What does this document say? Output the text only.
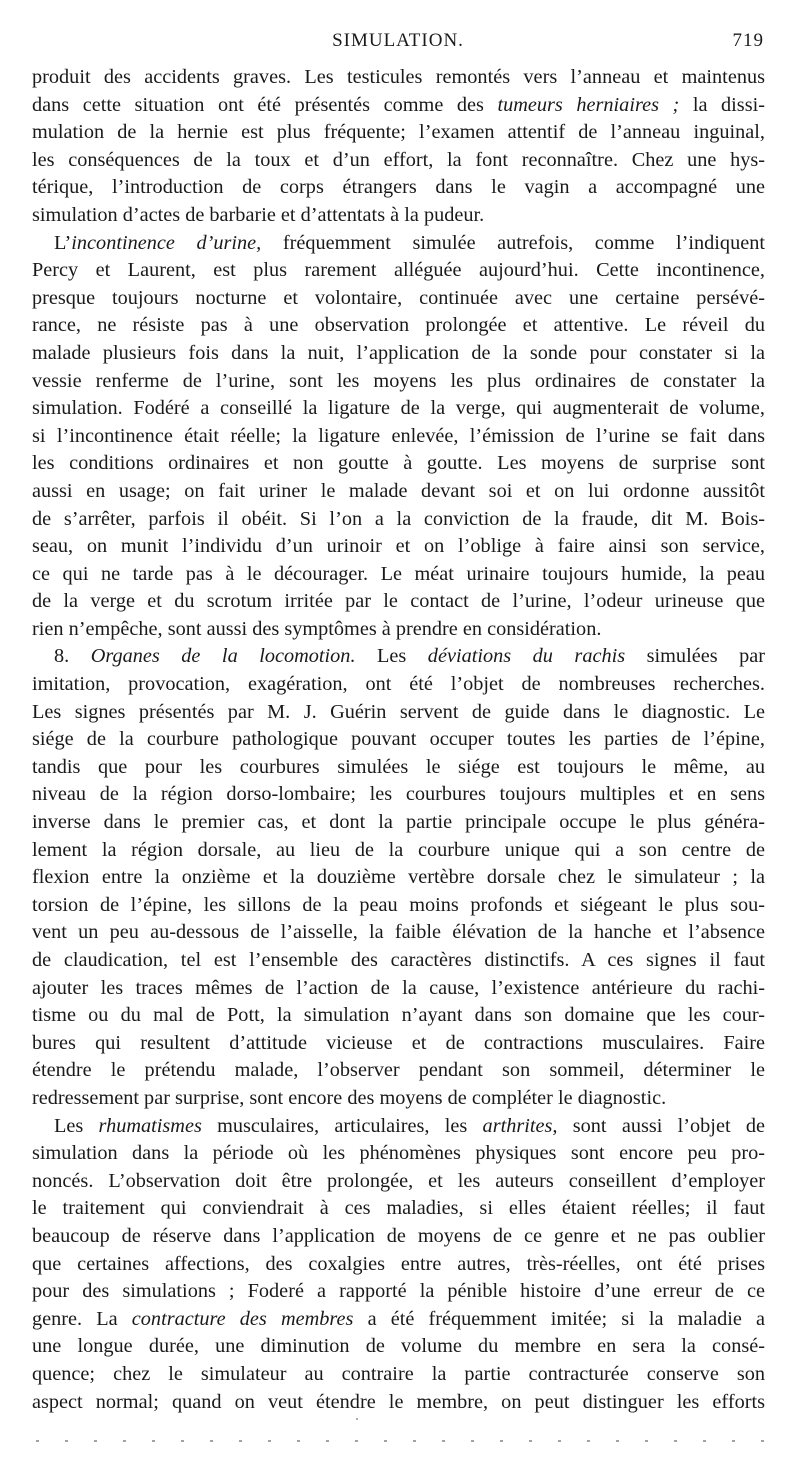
SIMULATION.	719
produit des accidents graves. Les testicules remontés vers l’anneau et maintenus
dans cette situation ont été présentés comme des tumeurs herniaires ; la dissi-
mulation de la hernie est plus fréquente; l’examen attentif de l’anneau inguinal,
les conséquences de la toux et d’un effort, la font reconnaître. Chez une hys-
térique, l’introduction de corps étrangers dans le vagin a accompagné une
simulation d’actes de barbarie et d’attentats à la pudeur.
L’incontinence d’urine, fréquemment simulée autrefois, comme l’indiquent
Percy et Laurent, est plus rarement alléguée aujourd’hui. Cette incontinence,
presque toujours nocturne et volontaire, continuée avec une certaine persévé-
rance, ne résiste pas à une observation prolongée et attentive. Le réveil du
malade plusieurs fois dans la nuit, l’application de la sonde pour constater si la
vessie renferme de l’urine, sont les moyens les plus ordinaires de constater la
simulation. Fodéré a conseillé la ligature de la verge, qui augmenterait de volume,
si l’incontinence était réelle; la ligature enlevée, l’émission de l’urine se fait dans
les conditions ordinaires et non goutte à goutte. Les moyens de surprise sont
aussi en usage; on fait uriner le malade devant soi et on lui ordonne aussitôt
de s’arrêter, parfois il obéit. Si l’on a la conviction de la fraude, dit M. Bois-
seau, on munit l’individu d’un urinoir et on l’oblige à faire ainsi son service,
ce qui ne tarde pas à le décourager. Le méat urinaire toujours humide, la peau
de la verge et du scrotum irritée par le contact de l’urine, l’odeur urineuse que
rien n’empêche, sont aussi des symptômes à prendre en considération.
8. Organes de la locomotion. Les déviations du rachis simulées par
imitation, provocation, exagération, ont été l’objet de nombreuses recherches.
Les signes présentés par M. J. Guérin servent de guide dans le diagnostic. Le
siége de la courbure pathologique pouvant occuper toutes les parties de l’épine,
tandis que pour les courbures simulées le siége est toujours le même, au
niveau de la région dorso-lombaire; les courbures toujours multiples et en sens
inverse dans le premier cas, et dont la partie principale occupe le plus généra-
lement la région dorsale, au lieu de la courbure unique qui a son centre de
flexion entre la onzième et la douzième vertèbre dorsale chez le simulateur ; la
torsion de l’épine, les sillons de la peau moins profonds et siégeant le plus sou-
vent un peu au-dessous de l’aisselle, la faible élévation de la hanche et l’absence
de claudication, tel est l’ensemble des caractères distinctifs. A ces signes il faut
ajouter les traces mêmes de l’action de la cause, l’existence antérieure du rachi-
tisme ou du mal de Pott, la simulation n’ayant dans son domaine que les cour-
bures qui resultent d’attitude vicieuse et de contractions musculaires. Faire
étendre le prétendu malade, l’observer pendant son sommeil, déterminer le
redressement par surprise, sont encore des moyens de compléter le diagnostic.
Les rhumatismes musculaires, articulaires, les arthrites, sont aussi l’objet de
simulation dans la période où les phénomènes physiques sont encore peu pro-
noncés. L’observation doit être prolongée, et les auteurs conseillent d’employer
le traitement qui conviendrait à ces maladies, si elles étaient réelles; il faut
beaucoup de réserve dans l’application de moyens de ce genre et ne pas oublier
que certaines affections, des coxalgies entre autres, très-réelles, ont été prises
pour des simulations ; Foderé a rapporté la pénible histoire d’une erreur de ce
genre. La contracture des membres a été fréquemment imitée; si la maladie a
une longue durée, une diminution de volume du membre en sera la consé-
quence; chez le simulateur au contraire la partie contracturée conserve son
aspect normal; quand on veut étendre le membre, on peut distinguer les efforts
